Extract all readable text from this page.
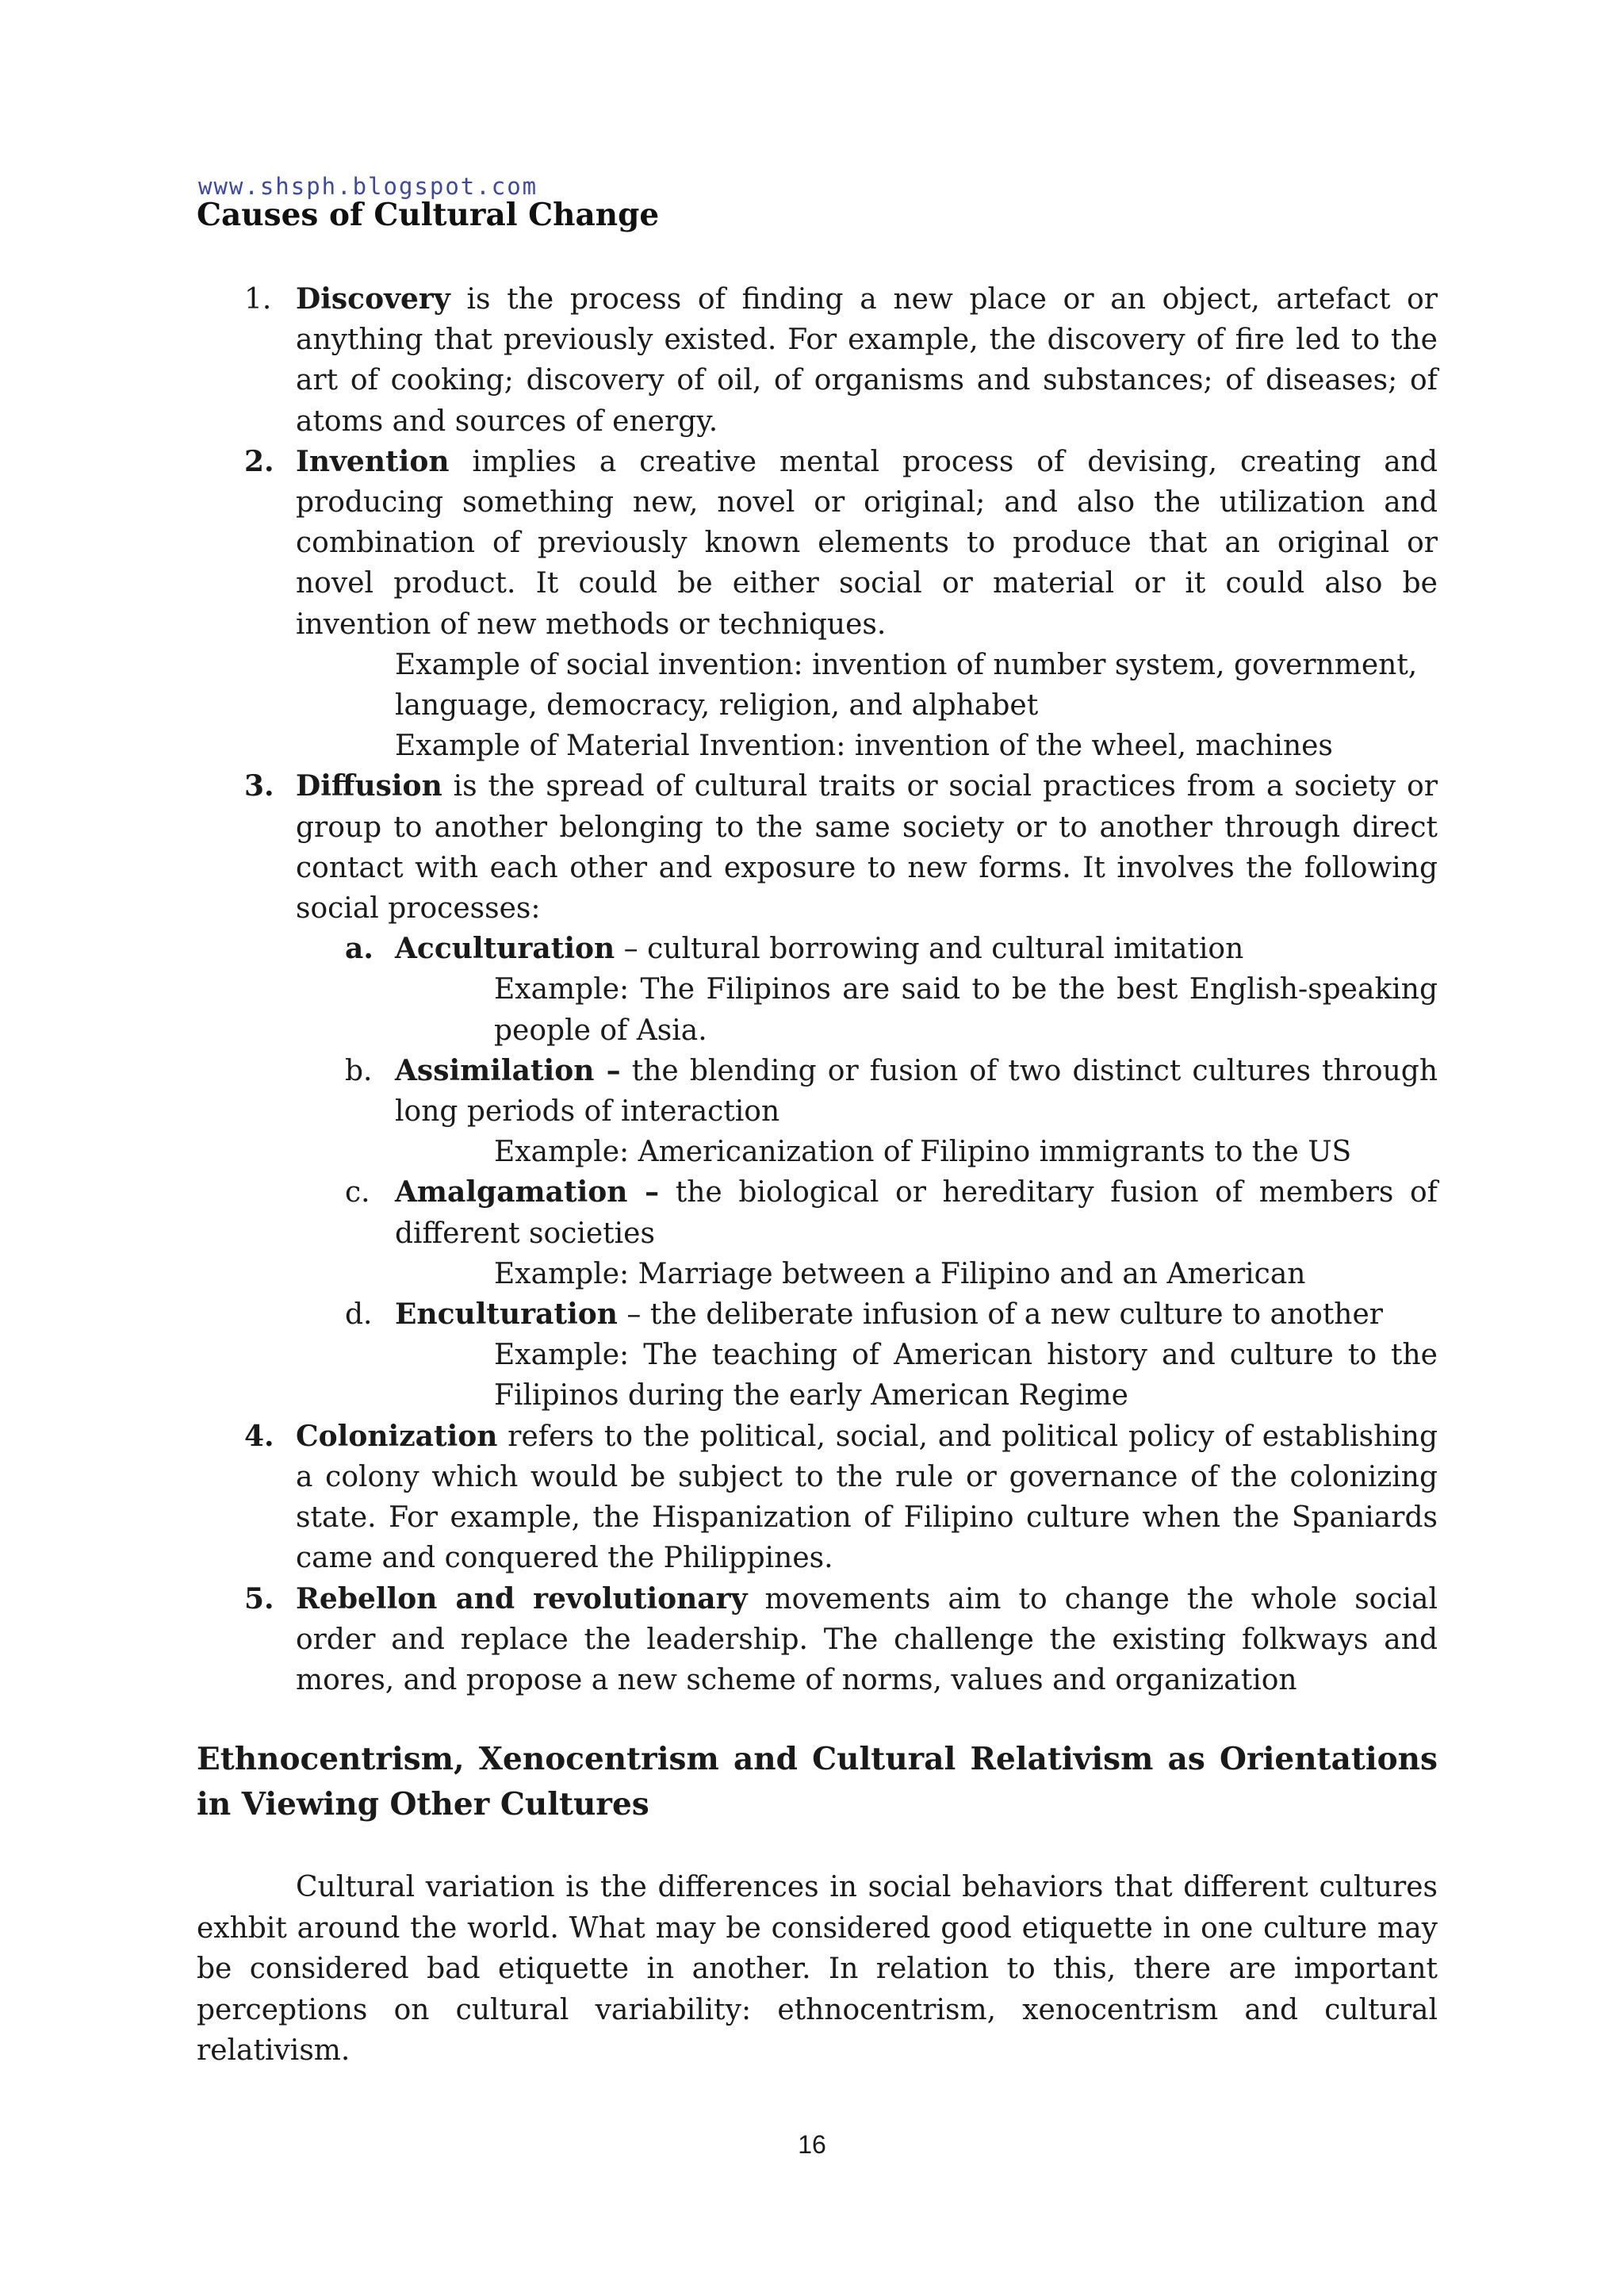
www.shsph.blogspot.com
Causes of Cultural Change
1. Discovery is the process of finding a new place or an object, artefact or anything that previously existed. For example, the discovery of fire led to the art of cooking; discovery of oil, of organisms and substances; of diseases; of atoms and sources of energy.
2. Invention implies a creative mental process of devising, creating and producing something new, novel or original; and also the utilization and combination of previously known elements to produce that an original or novel product. It could be either social or material or it could also be invention of new methods or techniques.
Example of social invention: invention of number system, government, language, democracy, religion, and alphabet
Example of Material Invention: invention of the wheel, machines
3. Diffusion is the spread of cultural traits or social practices from a society or group to another belonging to the same society or to another through direct contact with each other and exposure to new forms. It involves the following social processes:
a. Acculturation – cultural borrowing and cultural imitation
Example: The Filipinos are said to be the best English-speaking people of Asia.
b. Assimilation – the blending or fusion of two distinct cultures through long periods of interaction
Example: Americanization of Filipino immigrants to the US
c. Amalgamation – the biological or hereditary fusion of members of different societies
Example: Marriage between a Filipino and an American
d. Enculturation – the deliberate infusion of a new culture to another
Example: The teaching of American history and culture to the Filipinos during the early American Regime
4. Colonization refers to the political, social, and political policy of establishing a colony which would be subject to the rule or governance of the colonizing state. For example, the Hispanization of Filipino culture when the Spaniards came and conquered the Philippines.
5. Rebellon and revolutionary movements aim to change the whole social order and replace the leadership. The challenge the existing folkways and mores, and propose a new scheme of norms, values and organization
Ethnocentrism, Xenocentrism and Cultural Relativism as Orientations in Viewing Other Cultures
Cultural variation is the differences in social behaviors that different cultures exhbit around the world. What may be considered good etiquette in one culture may be considered bad etiquette in another. In relation to this, there are important perceptions on cultural variability: ethnocentrism, xenocentrism and cultural relativism.
16
